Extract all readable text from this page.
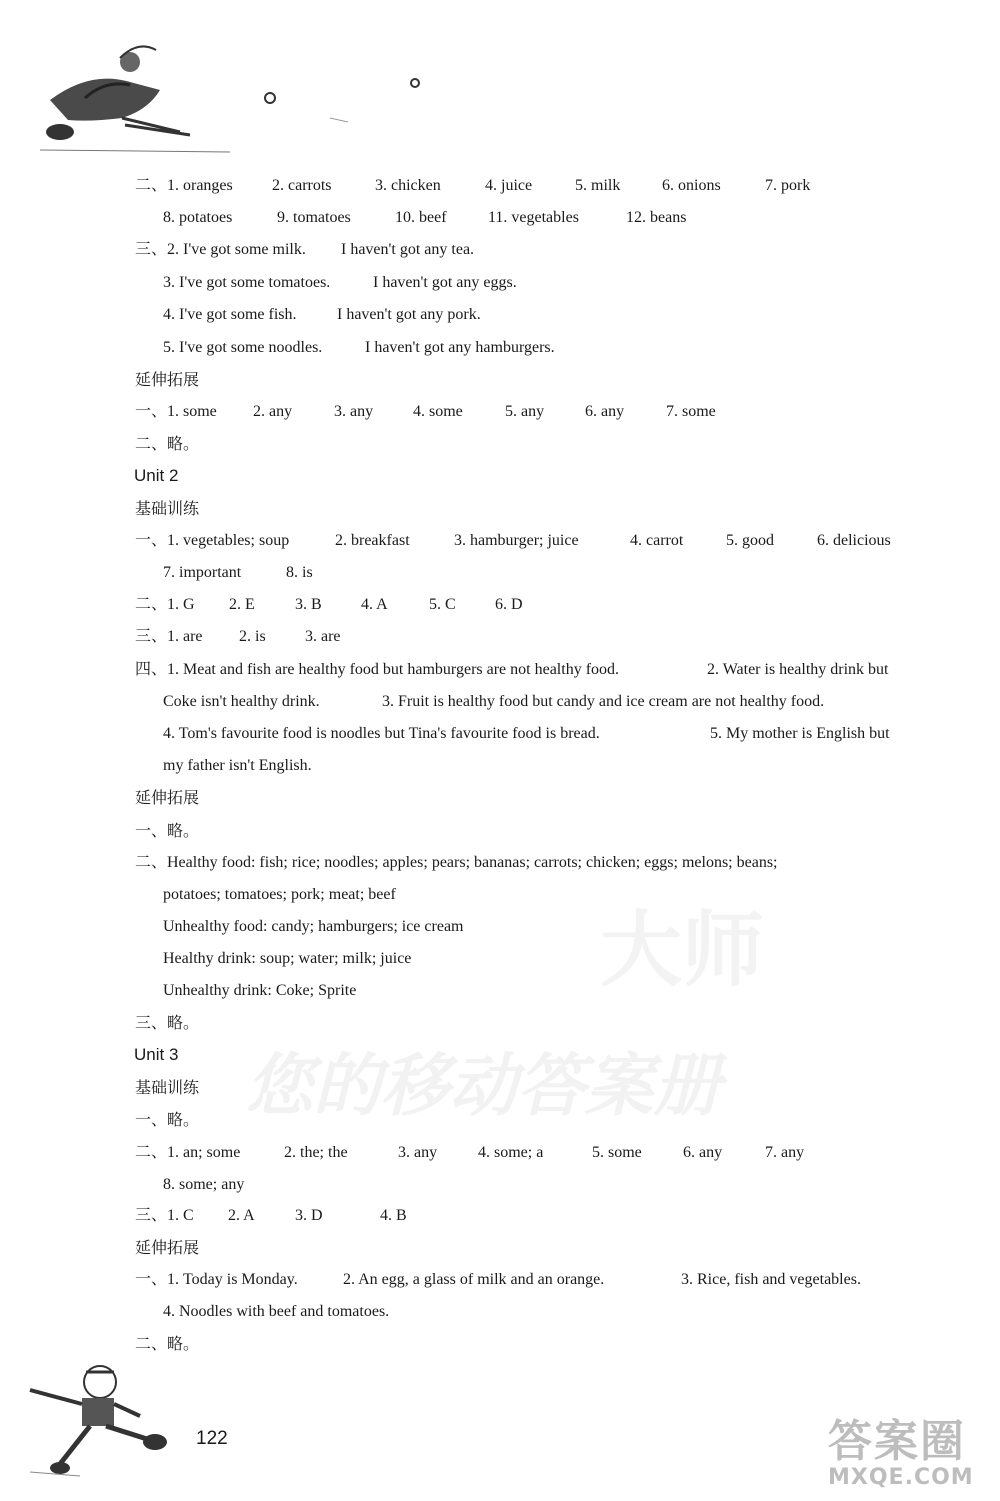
大师
您的移动答案册
二、1. oranges 2. carrots	3. chicken	4. juice	5. milk	6. onions	7. pork
8. potatoes	9. tomatoes	10. beef	11. vegetables	12. beans
三、2. I've got some milk. I haven't got any tea.
3. I've got some tomatoes.	I haven't got any eggs.
4. I've got some fish.	I haven't got any pork.
5. I've got some noodles.	I haven't got any hamburgers.
一、1. some 2. any	3. any 4. some	5. any	6. any	7. some
一、1. vegetables; soup	2. breakfast	3. hamburger; juice	4. carrot	5. good	6. delicious
7. important	8. is
二、1. G 2. E	3. B 4. A	5. C 6. D
三、1. are 2. is 3. are
四、1. Meat and fish are healthy food but hamburgers are not healthy food.	2. Water is healthy drink but
Coke isn't healthy drink.	3. Fruit is healthy food but candy and ice cream are not healthy food.
4. Tom's favourite food is noodles but Tina's favourite food is bread.	5. My mother is English but
my father isn't English.
二、Healthy food: fish; rice; noodles; apples; pears; bananas; carrots; chicken; eggs; melons; beans;
potatoes; tomatoes; pork; meat; beef
Unhealthy food: candy; hamburgers; ice cream
Healthy drink: soup; water; milk; juice
Unhealthy drink: Coke; Sprite
二、1. an; some	2. the; the	3. any	4. some; a	5. some	6. any	7. any
8. some; any
三、1. C 2. A	3. D	4. B
一、1. Today is Monday.	2. An egg, a glass of milk and an orange.	3. Rice, fish and vegetables.
4. Noodles with beef and tomatoes.
延伸拓展
二、略。
基础训练
延伸拓展
一、略。
三、略。
基础训练
一、略。
延伸拓展
二、略。
Unit 2
Unit 3
122	答案圈
MXQE.COM
